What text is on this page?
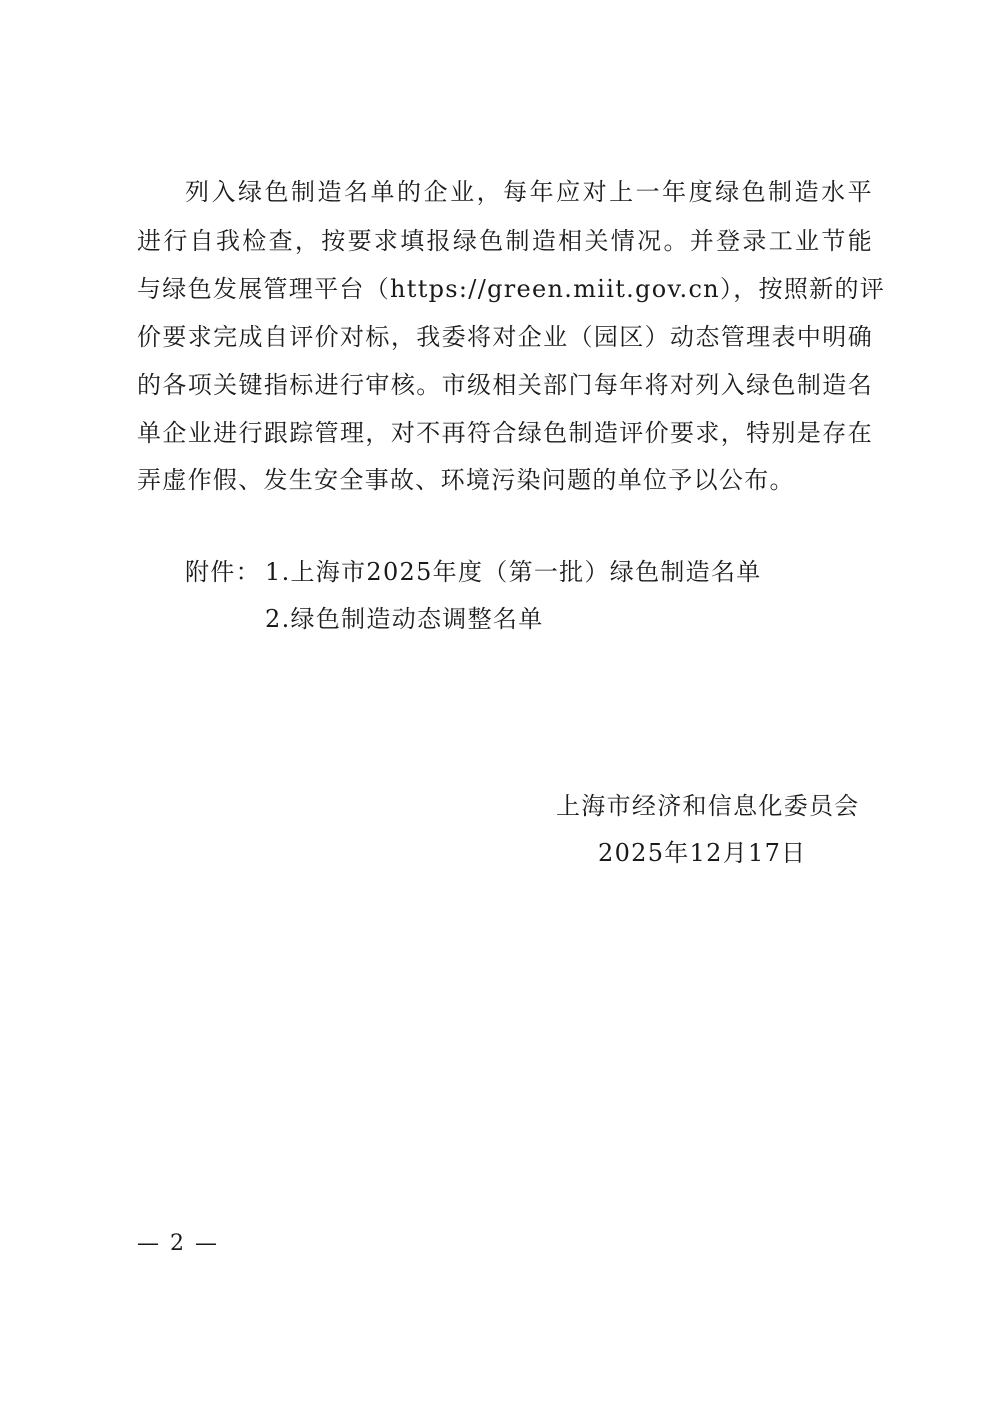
列入绿色制造名单的企业，每年应对上一年度绿色制造水平
进行自我检查，按要求填报绿色制造相关情况。并登录工业节能
与绿色发展管理平台（https://green.miit.gov.cn），按照新的评
价要求完成自评价对标，我委将对企业（园区）动态管理表中明确
的各项关键指标进行审核。市级相关部门每年将对列入绿色制造名
单企业进行跟踪管理，对不再符合绿色制造评价要求，特别是存在
弄虚作假、发生安全事故、环境污染问题的单位予以公布。
附件： 1.上海市2025年度（第一批）绿色制造名单
2.绿色制造动态调整名单
上海市经济和信息化委员会
2025年12月17日
— 2 —
